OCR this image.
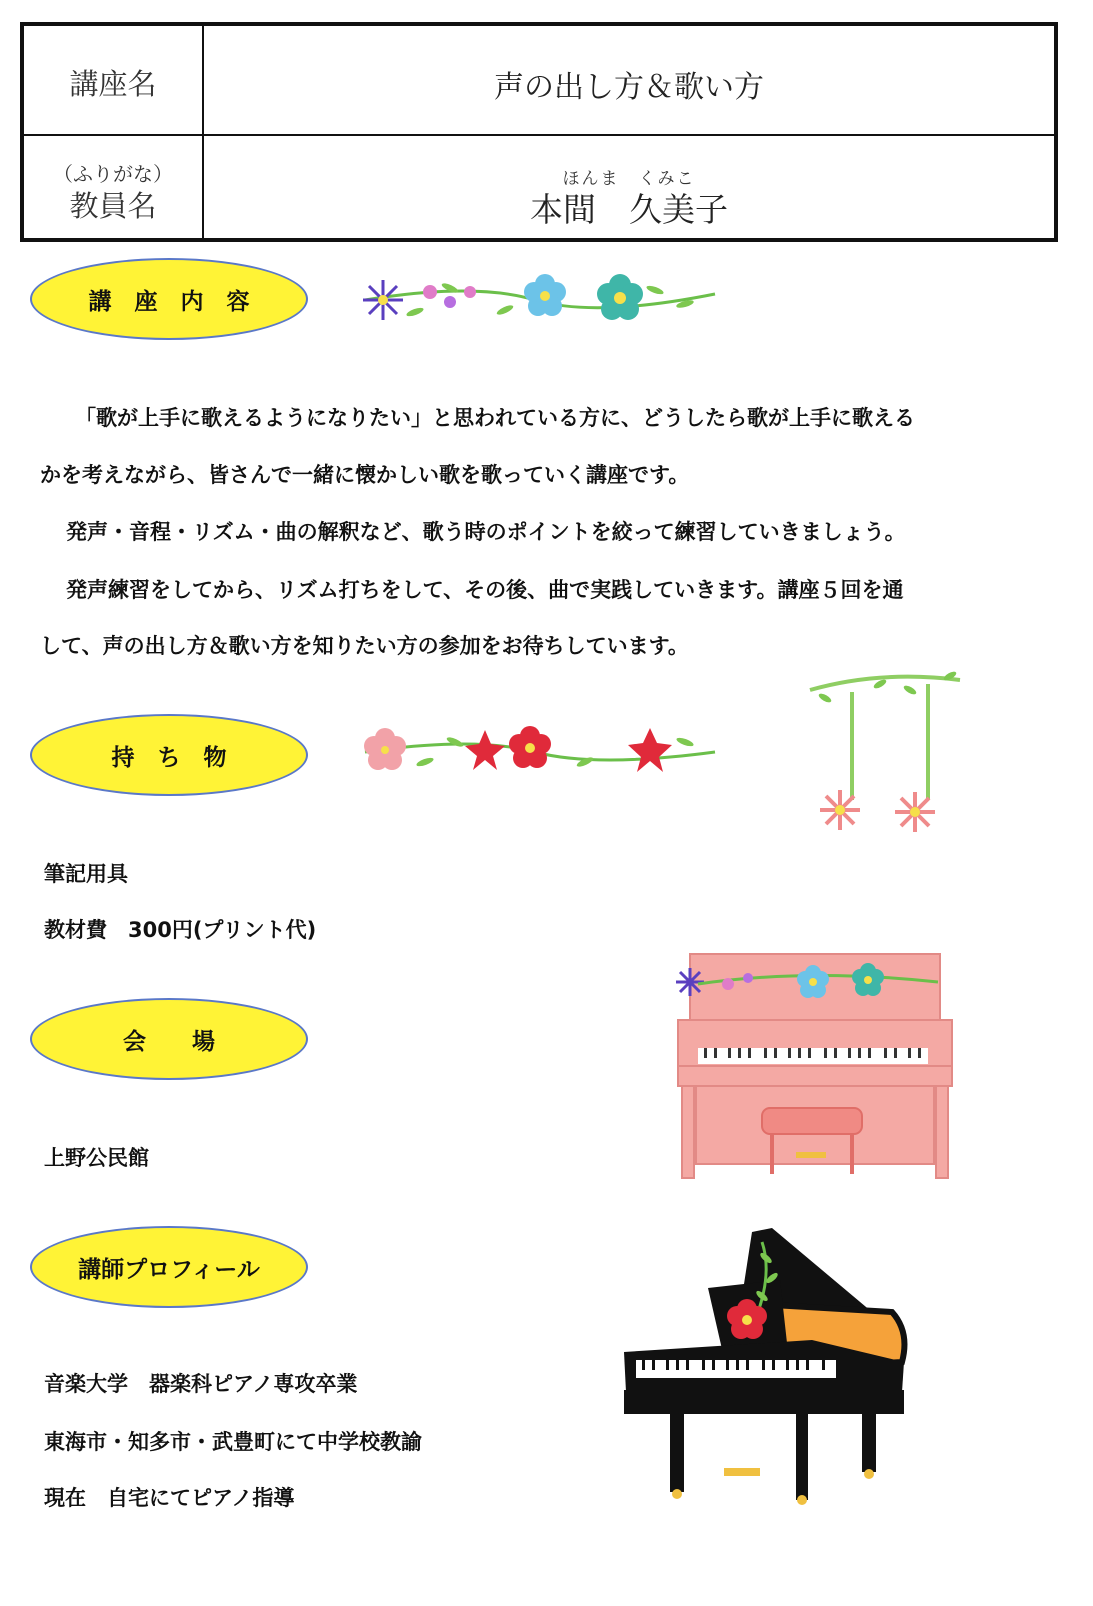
講座名	声の出し方＆歌い方
（ふりがな）
教員名
ほんま　くみこ
本間　久美子
講　座　内　容
「歌が上手に歌えるようになりたい」と思われている方に、どうしたら歌が上手に歌える
かを考えながら、皆さんで一緒に懐かしい歌を歌っていく講座です。
発声・音程・リズム・曲の解釈など、歌う時のポイントを絞って練習していきましょう。
発声練習をしてから、リズム打ちをして、その後、曲で実践していきます。講座５回を通
して、声の出し方＆歌い方を知りたい方の参加をお待ちしています。
持　ち　物
筆記用具
教材費　300円(プリント代)
会　　場
上野公民館
講師プロフィール
音楽大学　器楽科ピアノ専攻卒業
東海市・知多市・武豊町にて中学校教諭
現在　自宅にてピアノ指導
